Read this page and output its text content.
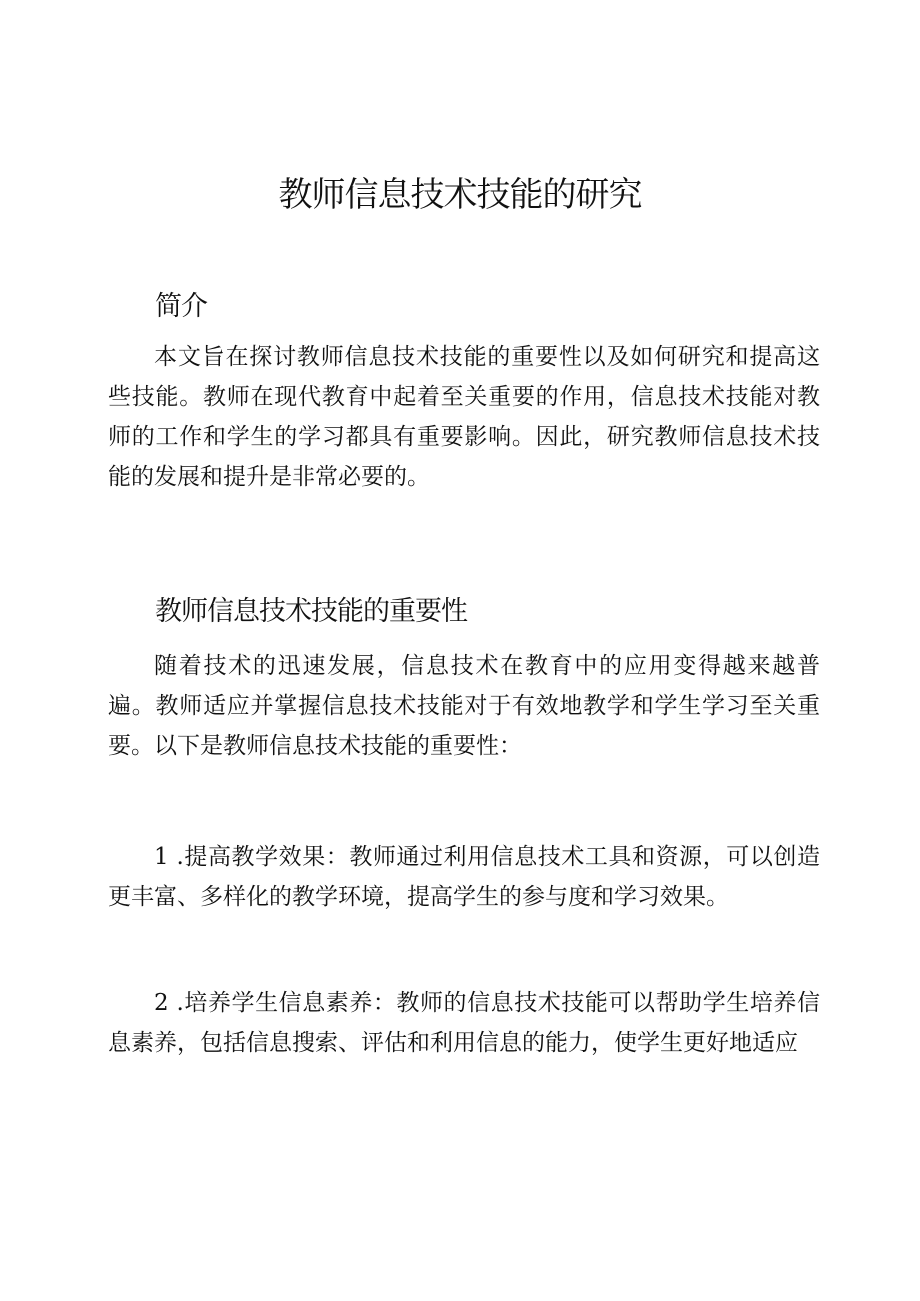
教师信息技术技能的研究
简介

本文旨在探讨教师信息技术技能的重要性以及如何研究和提高这些技能。教师在现代教育中起着至关重要的作用，信息技术技能对教师的工作和学生的学习都具有重要影响。因此，研究教师信息技术技能的发展和提升是非常必要的。

教师信息技术技能的重要性

随着技术的迅速发展，信息技术在教育中的应用变得越来越普遍。教师适应并掌握信息技术技能对于有效地教学和学生学习至关重要。以下是教师信息技术技能的重要性：

1 .提高教学效果：教师通过利用信息技术工具和资源，可以创造更丰富、多样化的教学环境，提高学生的参与度和学习效果。

2 .培养学生信息素养：教师的信息技术技能可以帮助学生培养信息素养，包括信息搜索、评估和利用信息的能力，使学生更好地适应
